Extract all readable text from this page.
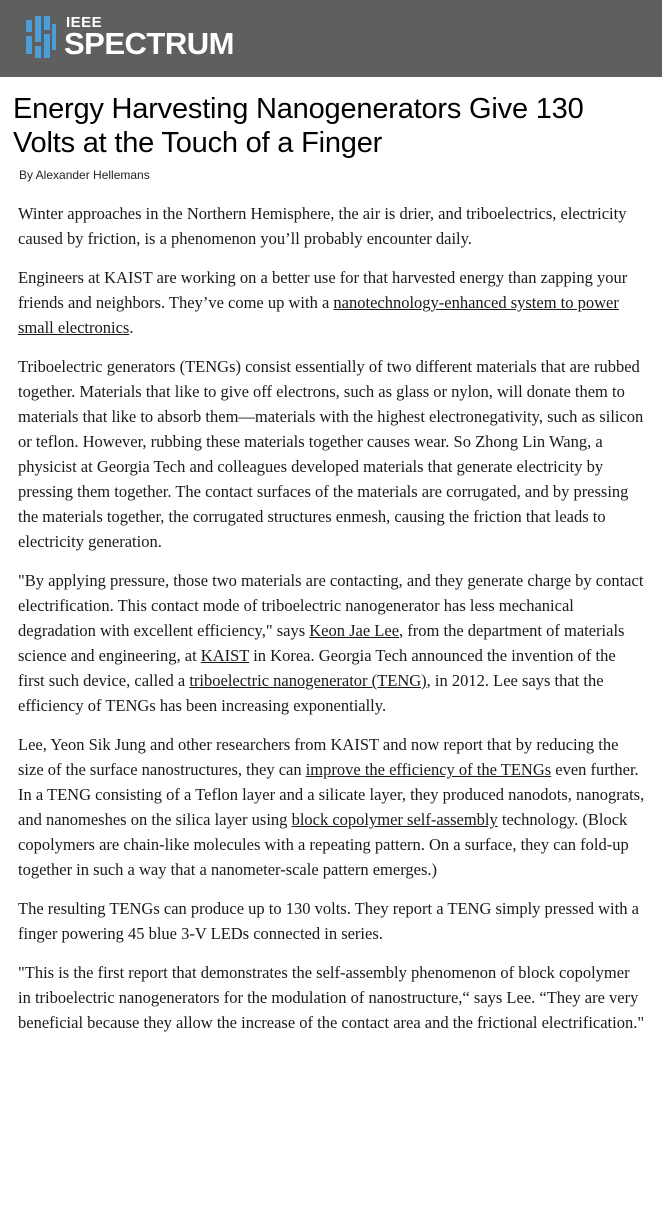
IEEE
SPECTRUM
Energy Harvesting Nanogenerators Give 130 Volts at the Touch of a Finger
By Alexander Hellemans

Winter approaches in the Northern Hemisphere, the air is drier, and triboelectrics, electricity caused by friction, is a phenomenon you’ll probably encounter daily.

Engineers at KAIST are working on a better use for that harvested energy than zapping your friends and neighbors. They’ve come up with a nanotechnology-enhanced system to power small electronics.

Triboelectric generators (TENGs) consist essentially of two different materials that are rubbed together. Materials that like to give off electrons, such as glass or nylon, will donate them to materials that like to absorb them—materials with the highest electronegativity, such as silicon or teflon. However, rubbing these materials together causes wear. So Zhong Lin Wang, a physicist at Georgia Tech and colleagues developed materials that generate electricity by pressing them together. The contact surfaces of the materials are corrugated, and by pressing the materials together, the corrugated structures enmesh, causing the friction that leads to electricity generation.

"By applying pressure, those two materials are contacting, and they generate charge by contact electrification. This contact mode of triboelectric nanogenerator has less mechanical degradation with excellent efficiency," says Keon Jae Lee, from the department of materials science and engineering, at KAIST in Korea. Georgia Tech announced the invention of the first such device, called a triboelectric nanogenerator (TENG), in 2012. Lee says that the efficiency of TENGs has been increasing exponentially.

Lee, Yeon Sik Jung and other researchers from KAIST and now report that by reducing the size of the surface nanostructures, they can improve the efficiency of the TENGs even further. In a TENG consisting of a Teflon layer and a silicate layer, they produced nanodots, nanograts, and nanomeshes on the silica layer using block copolymer self-assembly technology. (Block copolymers are chain-like molecules with a repeating pattern. On a surface, they can fold-up together in such a way that a nanometer-scale pattern emerges.)

The resulting TENGs can produce up to 130 volts. They report a TENG simply pressed with a finger powering 45 blue 3-V LEDs connected in series.

"This is the first report that demonstrates the self-assembly phenomenon of block copolymer in triboelectric nanogenerators for the modulation of nanostructure,“ says Lee. “They are very beneficial because they allow the increase of the contact area and the frictional electrification."
